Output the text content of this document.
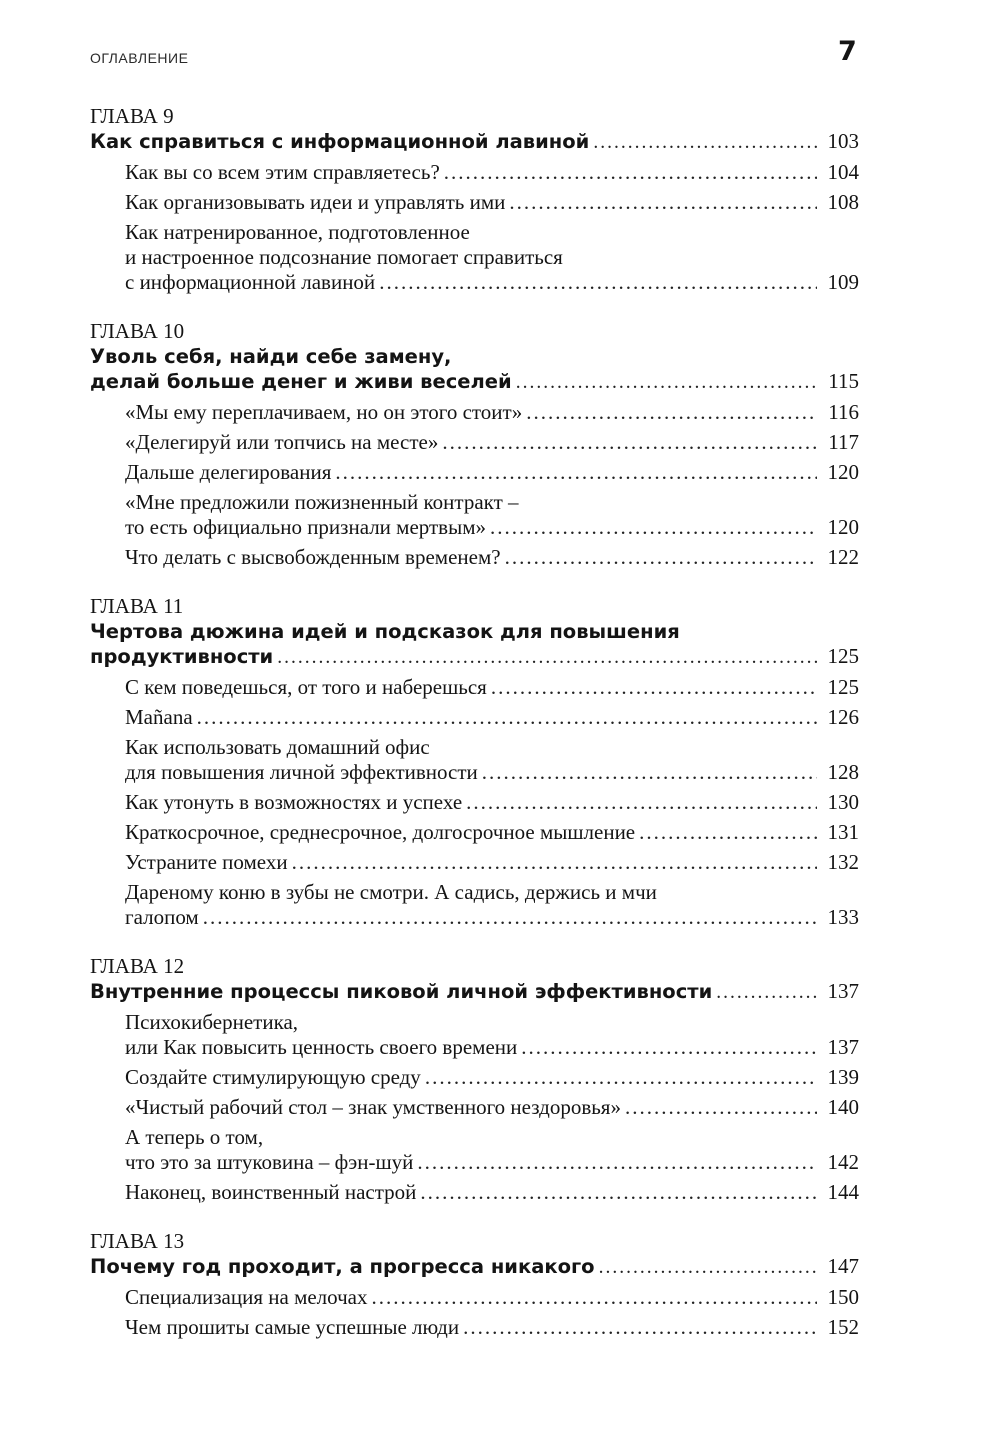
ОГЛАВЛЕНИЕ	7
ГЛАВА 9
Как справиться с информационной лавиной .....	103
Как вы со всем этим справляетесь? .....	104
Как организовывать идеи и управлять ими .....	108
Как натренированное, подготовленное
и настроенное подсознание помогает справиться
с информационной лавиной .....	109
ГЛАВА 10
Уволь себя, найди себе замену,
делай больше денег и живи веселей .....	115
«Мы ему переплачиваем, но он этого стоит» .....	116
«Делегируй или топчись на месте» .....	117
Дальше делегирования .....	120
«Мне предложили пожизненный контракт –
то есть официально признали мертвым» .....	120
Что делать с высвобожденным временем? .....	122
ГЛАВА 11
Чертова дюжина идей и подсказок для повышения
продуктивности .....	125
С кем поведешься, от того и наберешься .....	125
Mañana .....	126
Как использовать домашний офис
для повышения личной эффективности .....	128
Как утонуть в возможностях и успехе .....	130
Краткосрочное, среднесрочное, долгосрочное мышление .....	131
Устраните помехи .....	132
Дареному коню в зубы не смотри. А садись, держись и мчи
галопом .....	133
ГЛАВА 12
Внутренние процессы пиковой личной эффективности .....	137
Психокибернетика,
или Как повысить ценность своего времени .....	137
Создайте стимулирующую среду .....	139
«Чистый рабочий стол – знак умственного нездоровья» .....	140
А теперь о том,
что это за штуковина – фэн-шуй .....	142
Наконец, воинственный настрой .....	144
ГЛАВА 13
Почему год проходит, а прогресса никакого .....	147
Специализация на мелочах .....	150
Чем прошиты самые успешные люди .....	152
